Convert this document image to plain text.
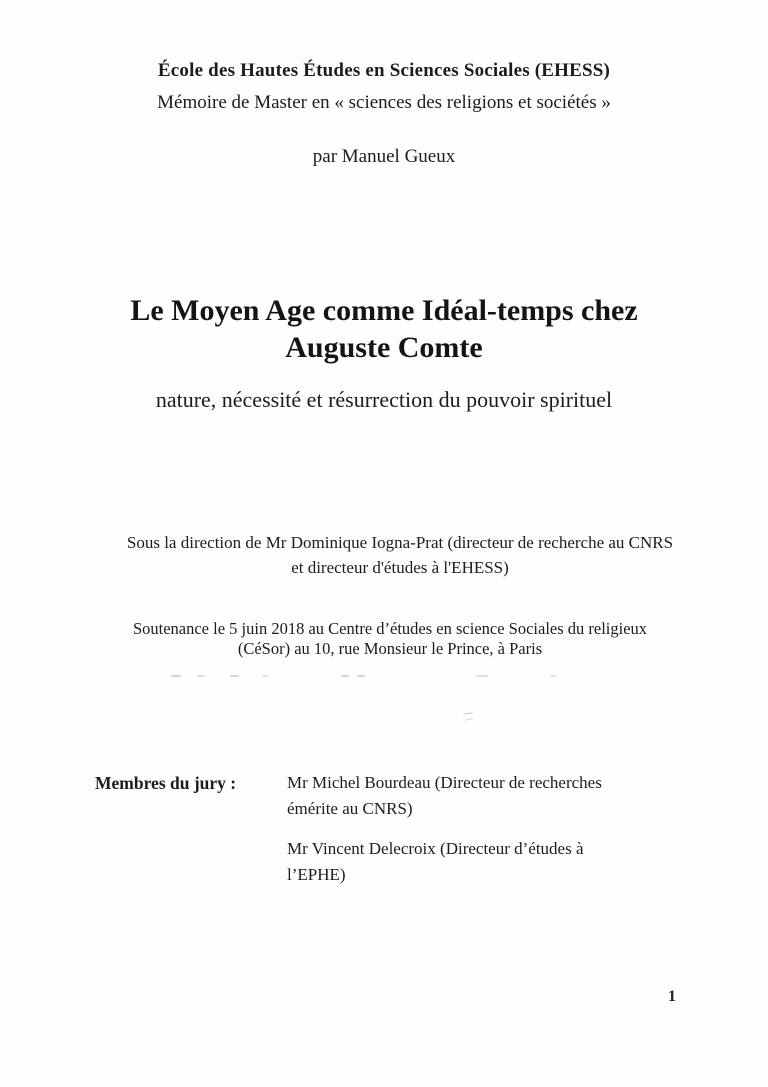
École des Hautes Études en Sciences Sociales (EHESS)
Mémoire de Master en « sciences des religions et sociétés »
par Manuel Gueux
Le Moyen Age comme Idéal-temps chez
Auguste Comte
nature, nécessité et résurrection du pouvoir spirituel
Sous la direction de Mr Dominique Iogna-Prat (directeur de recherche au CNRS
et directeur d'études à l'EHESS)
Soutenance le 5 juin 2018 au Centre d’études en science Sociales du religieux
(CéSor) au 10, rue Monsieur le Prince, à Paris
Membres du jury :	Mr Michel Bourdeau (Directeur de recherches
émérite au CNRS)
Mr Vincent Delecroix (Directeur d’études à
l’EPHE)
1
